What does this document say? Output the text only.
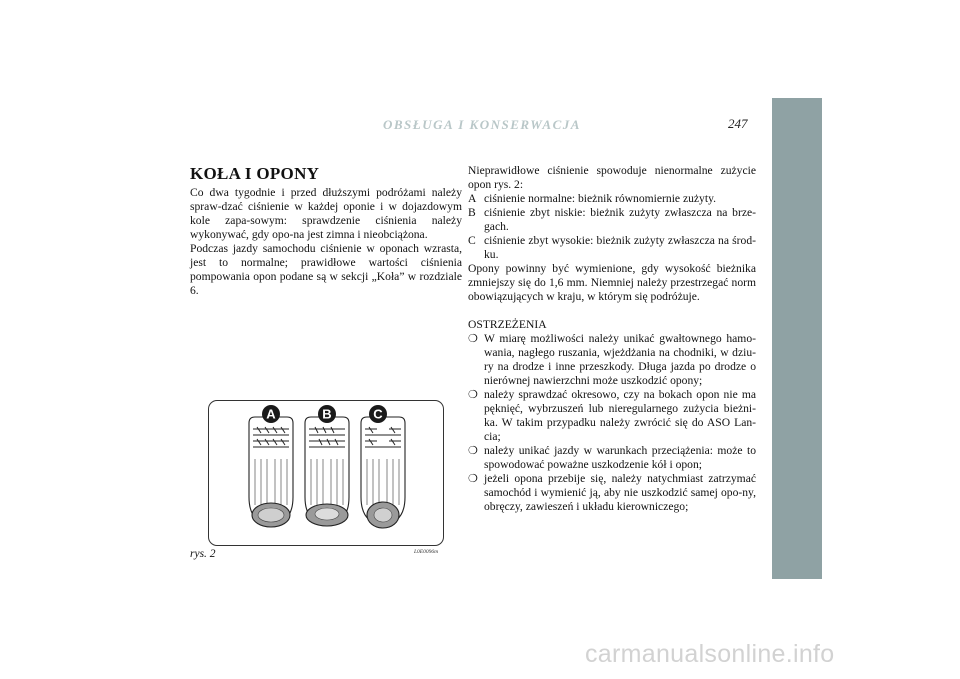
OBSŁUGA I KONSERWACJA	247
KOŁA I OPONY

Co dwa tygodnie i przed dłuższymi podróżami należy spraw-dzać ciśnienie w każdej oponie i w dojazdowym kole zapa-sowym: sprawdzenie ciśnienia należy wykonywać, gdy opo-na jest zimna i nieobciążona.

Podczas jazdy samochodu ciśnienie w oponach wzrasta, jest to normalne; prawidłowe wartości ciśnienia pompowania opon podane są w sekcji „Koła” w rozdziale 6.

Nieprawidłowe ciśnienie spowoduje nienormalne zużycie opon rys. 2:

A ciśnienie normalne: bieżnik równomiernie zużyty.
B ciśnienie zbyt niskie: bieżnik zużyty zwłaszcza na brze-gach.
C ciśnienie zbyt wysokie: bieżnik zużyty zwłaszcza na środ-ku.

Opony powinny być wymienione, gdy wysokość bieżnika zmniejszy się do 1,6 mm. Niemniej należy przestrzegać norm obowiązujących w kraju, w którym się podróżuje.

OSTRZEŻENIA

❍ W miarę możliwości należy unikać gwałtownego hamo-wania, nagłego ruszania, wjeżdżania na chodniki, w dziu-ry na drodze i inne przeszkody. Długa jazda po drodze o nierównej nawierzchni może uszkodzić opony;
❍ należy sprawdzać okresowo, czy na bokach opon nie ma pęknięć, wybrzuszeń lub nieregularnego zużycia bieżni-ka. W takim przypadku należy zwrócić się do ASO Lan-cia;
❍ należy unikać jazdy w warunkach przeciążenia: może to spowodować poważne uszkodzenie kół i opon;
❍ jeżeli opona przebije się, należy natychmiast zatrzymać samochód i wymienić ją, aby nie uszkodzić samej opo-ny, obręczy, zawieszeń i układu kierowniczego;
A	B	C
rys. 2	L0E0096m
carmanualsonline.info
